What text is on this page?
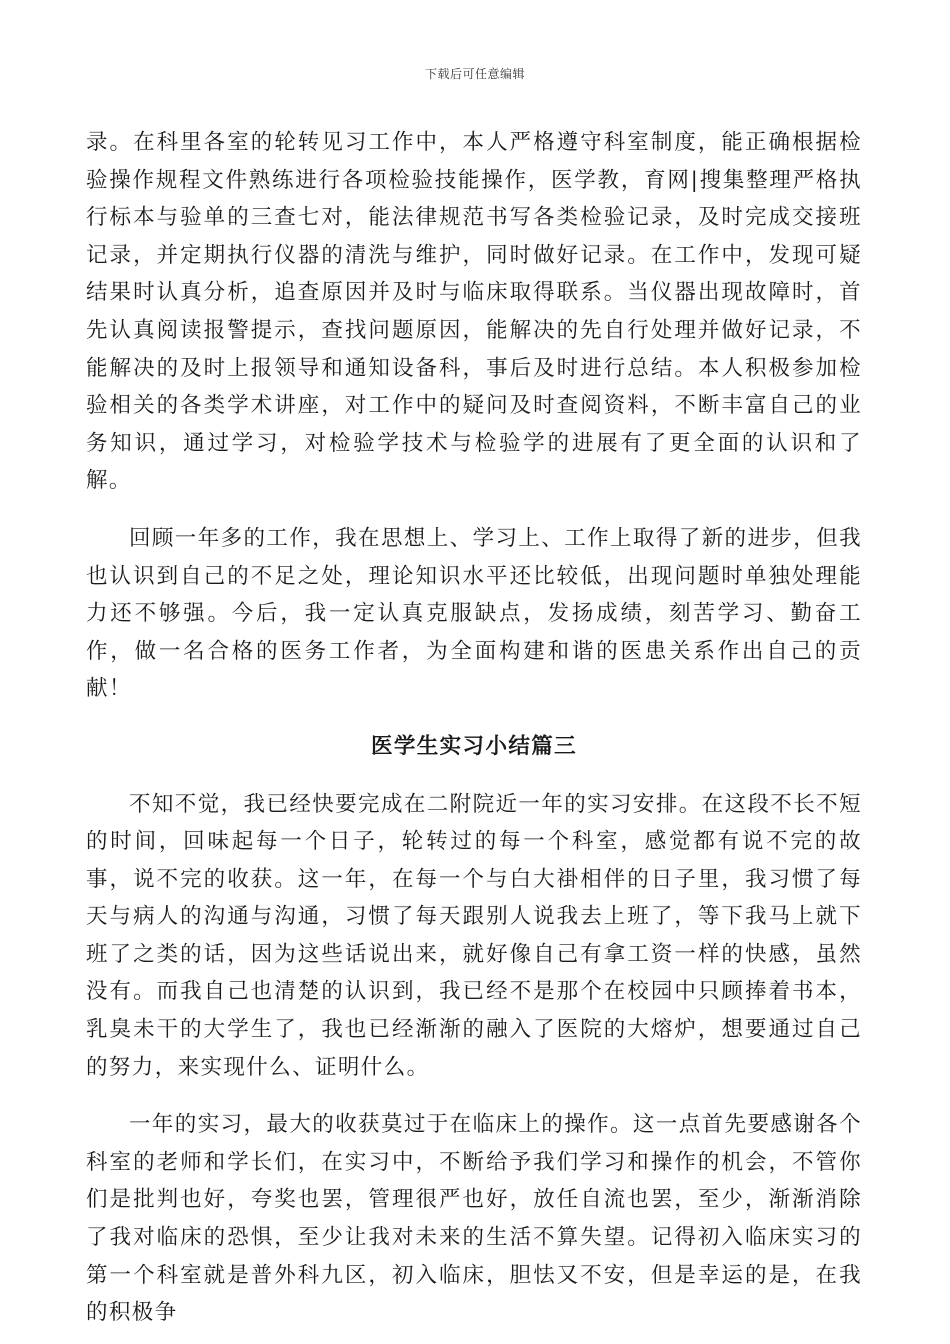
下载后可任意编辑

录。在科里各室的轮转见习工作中，本人严格遵守科室制度，能正确根据检验操作规程文件熟练进行各项检验技能操作，医学教，育网|搜集整理严格执行标本与验单的三查七对，能法律规范书写各类检验记录，及时完成交接班记录，并定期执行仪器的清洗与维护，同时做好记录。在工作中，发现可疑结果时认真分析，追查原因并及时与临床取得联系。当仪器出现故障时，首先认真阅读报警提示，查找问题原因，能解决的先自行处理并做好记录，不能解决的及时上报领导和通知设备科，事后及时进行总结。本人积极参加检验相关的各类学术讲座，对工作中的疑问及时查阅资料，不断丰富自己的业务知识，通过学习，对检验学技术与检验学的进展有了更全面的认识和了解。

回顾一年多的工作，我在思想上、学习上、工作上取得了新的进步，但我也认识到自己的不足之处，理论知识水平还比较低，出现问题时单独处理能力还不够强。今后，我一定认真克服缺点，发扬成绩，刻苦学习、勤奋工作，做一名合格的医务工作者，为全面构建和谐的医患关系作出自己的贡献！

医学生实习小结篇三

不知不觉，我已经快要完成在二附院近一年的实习安排。在这段不长不短的时间，回味起每一个日子，轮转过的每一个科室，感觉都有说不完的故事，说不完的收获。这一年，在每一个与白大褂相伴的日子里，我习惯了每天与病人的沟通与沟通，习惯了每天跟别人说我去上班了，等下我马上就下班了之类的话，因为这些话说出来，就好像自己有拿工资一样的快感，虽然没有。而我自己也清楚的认识到，我已经不是那个在校园中只顾捧着书本，乳臭未干的大学生了，我也已经渐渐的融入了医院的大熔炉，想要通过自己的努力，来实现什么、证明什么。

一年的实习，最大的收获莫过于在临床上的操作。这一点首先要感谢各个科室的老师和学长们，在实习中，不断给予我们学习和操作的机会，不管你们是批判也好，夸奖也罢，管理很严也好，放任自流也罢，至少，渐渐消除了我对临床的恐惧，至少让我对未来的生活不算失望。记得初入临床实习的第一个科室就是普外科九区，初入临床，胆怯又不安，但是幸运的是，在我的积极争
